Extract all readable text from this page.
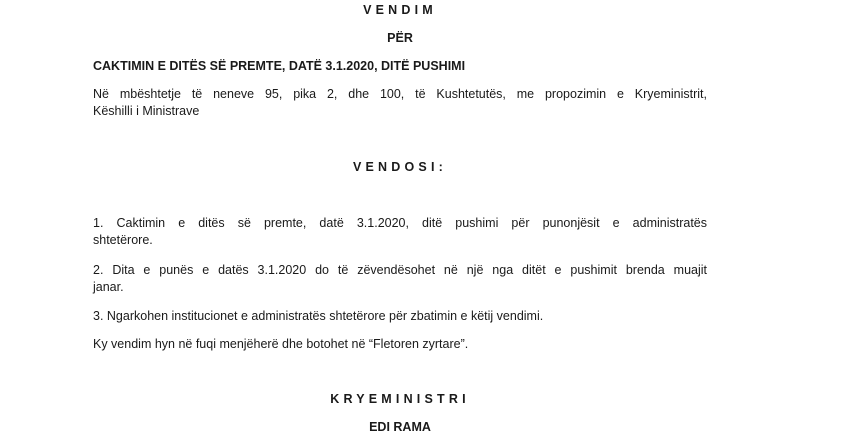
VENDIM
PËR
CAKTIMIN E DITËS SË PREMTE, DATË 3.1.2020, DITË PUSHIMI
Në mbështetje të neneve 95, pika 2, dhe 100, të Kushtetutës, me propozimin e Kryeministrit,
Këshilli i Ministrave
VENDOSI:
1. Caktimin e ditës së premte, datë 3.1.2020, ditë pushimi për punonjësit e administratës
shtetërore.
2. Dita e punës e datës 3.1.2020 do të zëvendësohet në një nga ditët e pushimit brenda muajit
janar.
3. Ngarkohen institucionet e administratës shtetërore për zbatimin e këtij vendimi.
Ky vendim hyn në fuqi menjëherë dhe botohet në “Fletoren zyrtare”.
KRYEMINISTRI
EDI RAMA
